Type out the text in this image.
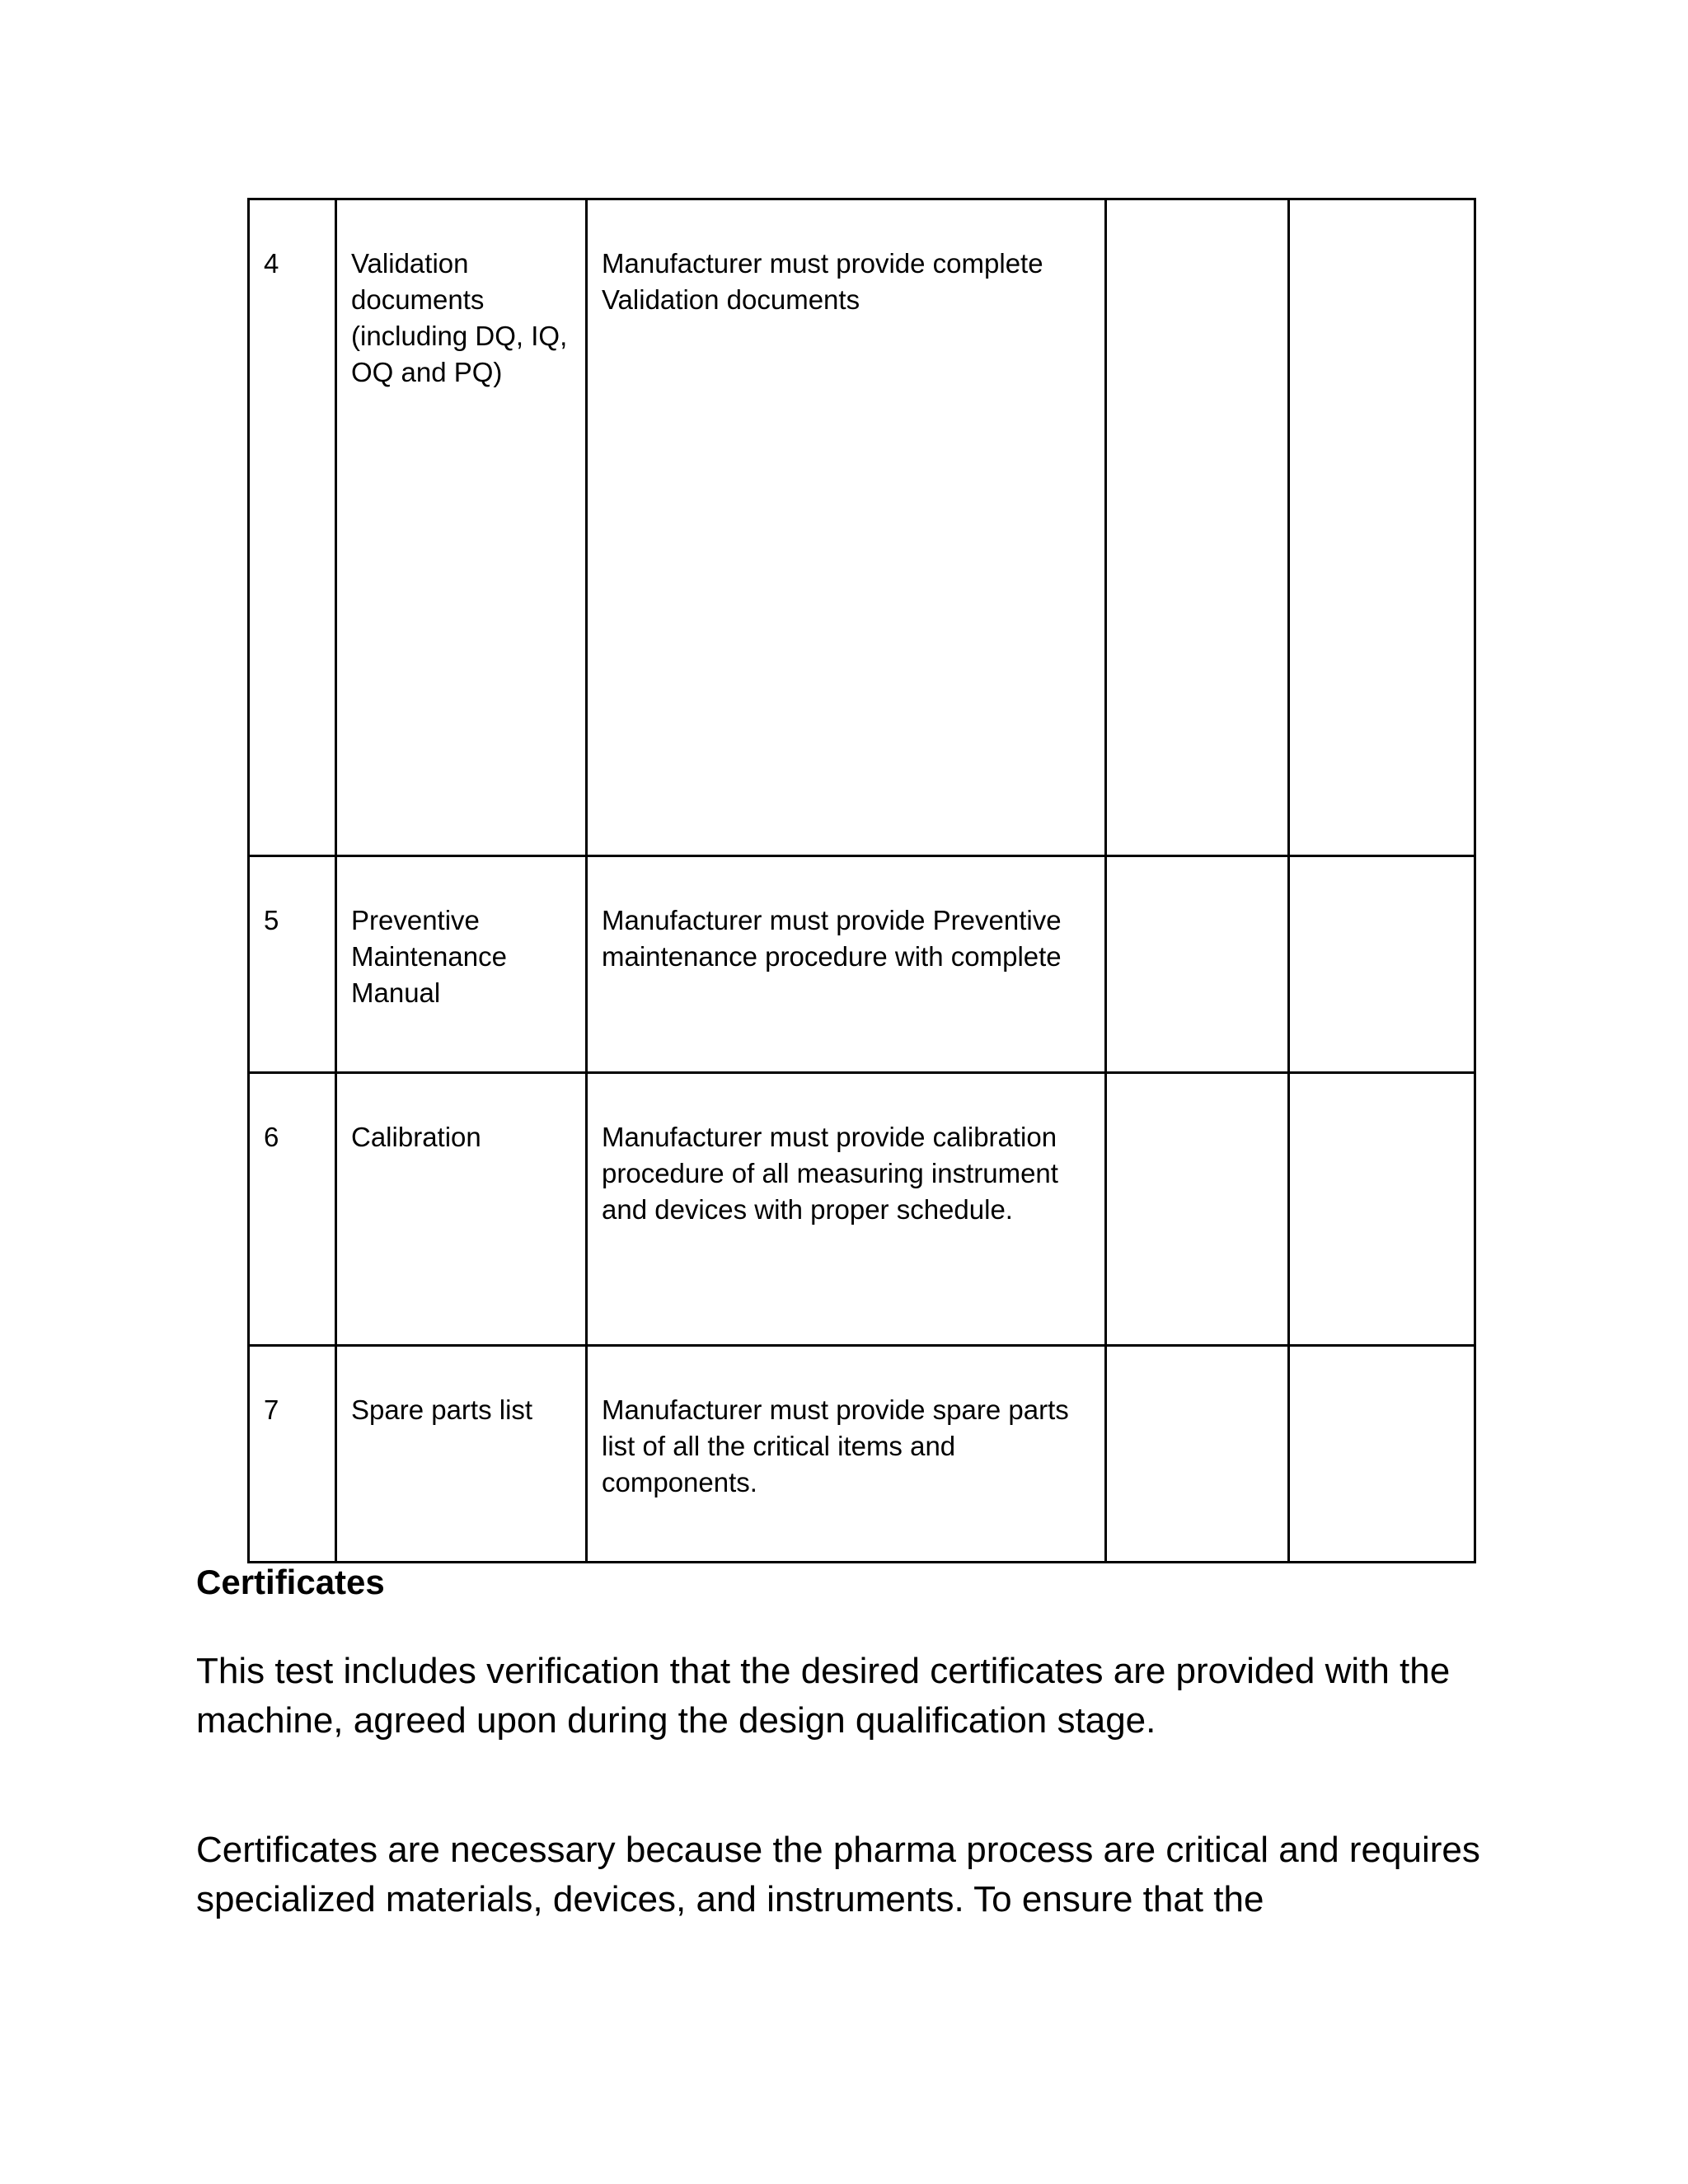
4	Validation documents (including DQ, IQ, OQ and PQ)	Manufacturer must provide complete Validation documents		
5	Preventive Maintenance Manual	Manufacturer must provide Preventive maintenance procedure with complete		
6	Calibration	Manufacturer must provide calibration procedure of all measuring instrument and devices with proper schedule.		
7	Spare parts list	Manufacturer must provide spare parts list of all the critical items and components.		
Certificates

This test includes verification that the desired certificates are provided with the machine, agreed upon during the design qualification stage.

Certificates are necessary because the pharma process are critical and requires specialized materials, devices, and instruments. To ensure that the
